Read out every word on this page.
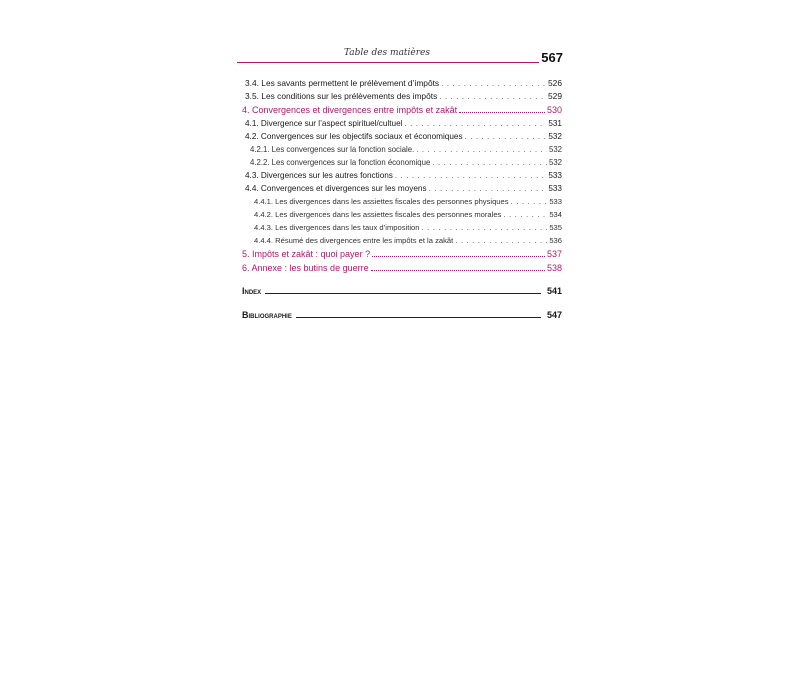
Table des matières	567
3.4. Les savants permettent le prélèvement d’impôts . . .	526
3.5. Les conditions sur les prélèvements des impôts . . .	529
4. Convergences et divergences entre impôts et zakât	530
4.1. Divergence sur l’aspect spirituel/cultuel . . .	531
4.2. Convergences sur les objectifs sociaux et économiques . . .	532
4.2.1. Les convergences sur la fonction sociale. . . .	532
4.2.2. Les convergences sur la fonction économique . . .	532
4.3. Divergences sur les autres fonctions . . .	533
4.4. Convergences et divergences sur les moyens . . .	533
4.4.1. Les divergences dans les assiettes fiscales des personnes physiques . . .	533
4.4.2. Les divergences dans les assiettes fiscales des personnes morales . . .	534
4.4.3. Les divergences dans les taux d’imposition . . .	535
4.4.4. Résumé des divergences entre les impôts et la zakât . . .	536
5. Impôts et zakât : quoi payer ?	537
6. Annexe : les butins de guerre	538
Index	541
Bibliographie	547
